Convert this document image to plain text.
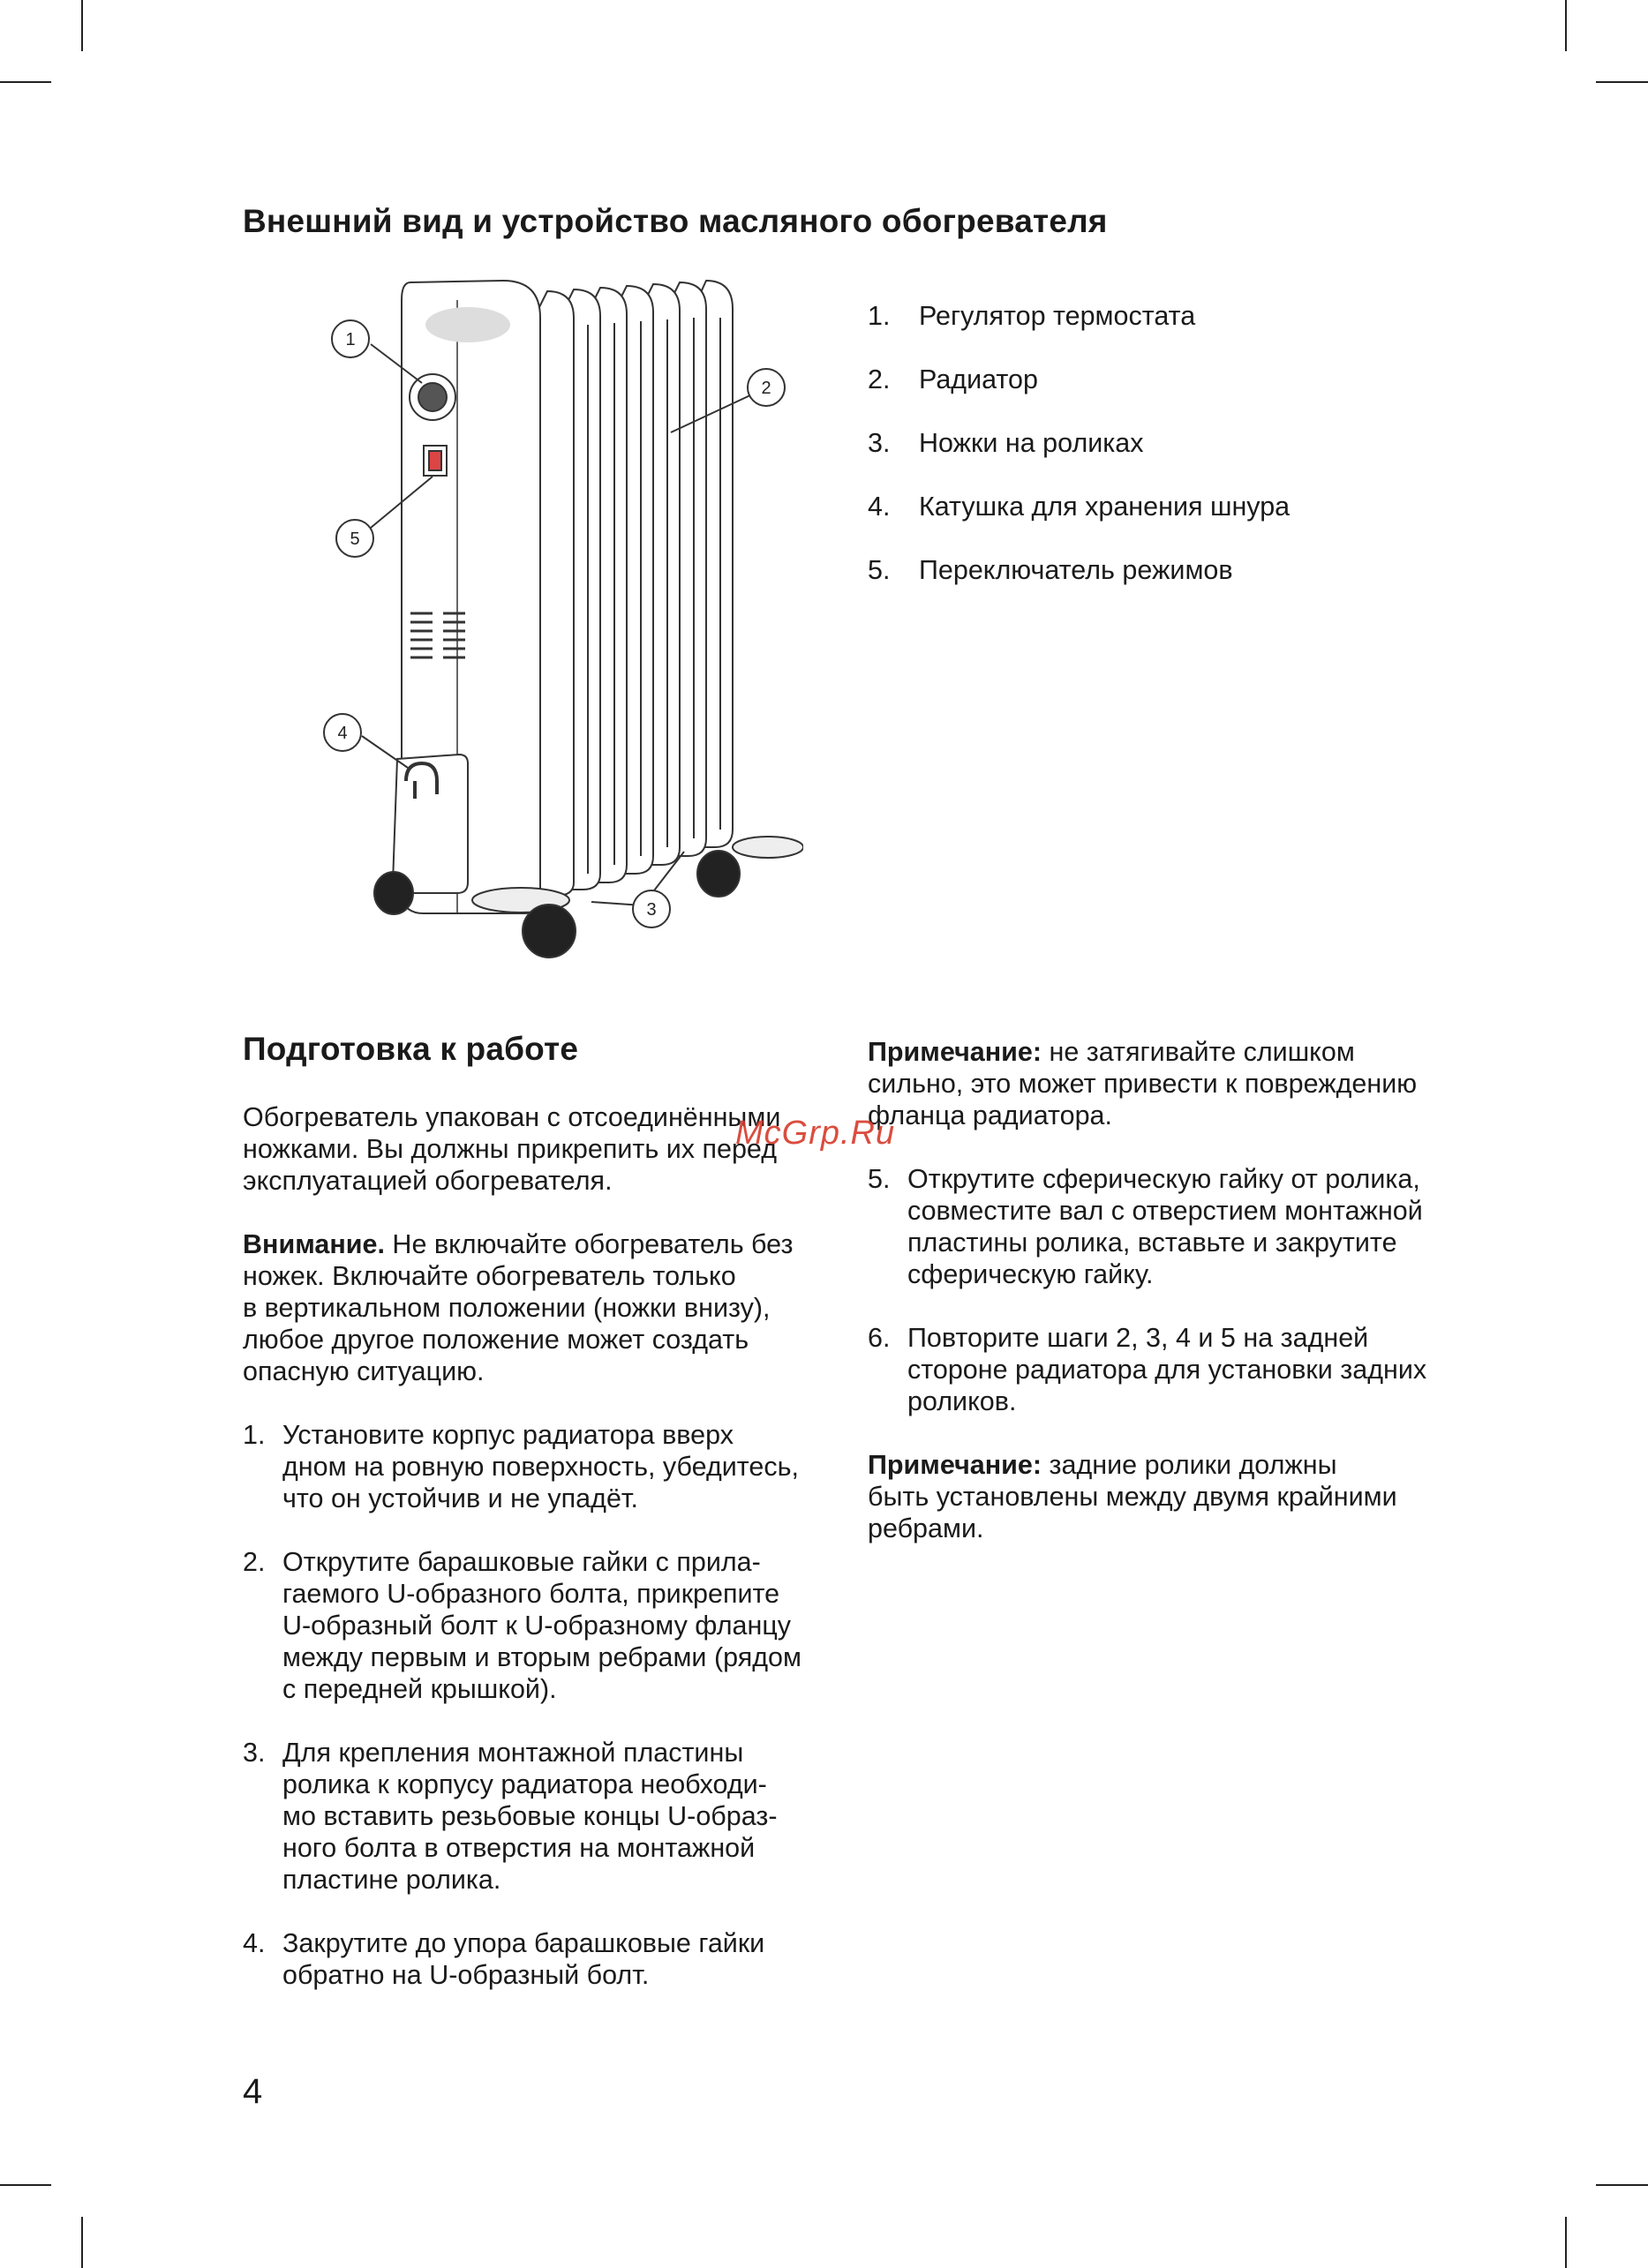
Внешний вид и устройство масляного обогревателя
1
2
5
4
3
1.	Регулятор термостата
2.	Радиатор
3.	Ножки на роликах
4.	Катушка для хранения шнура
5.	Переключатель режимов
Подготовка к работе
Обогреватель упакован с отсоединёнными
ножками. Вы должны прикрепить их перед
эксплуатацией обогревателя.
Внимание. Не включайте обогреватель без
ножек. Включайте обогреватель только
в вертикальном положении (ножки внизу),
любое другое положение может создать
опасную ситуацию.
1. Установите корпус радиатора вверх
дном на ровную поверхность, убедитесь,
что он устойчив и не упадёт.
2. Открутите барашковые гайки с прила-
гаемого U-образного болта, прикрепите
U-образный болт к U-образному фланцу
между первым и вторым ребрами (рядом
с передней крышкой).
3. Для крепления монтажной пластины
ролика к корпусу радиатора необходи-
мо вставить резьбовые концы U-образ-
ного болта в отверстия на монтажной
пластине ролика.
4. Закрутите до упора барашковые гайки
обратно на U-образный болт.
Примечание: не затягивайте слишком
сильно, это может привести к повреждению
фланца радиатора.
5. Открутите сферическую гайку от ролика,
совместите вал с отверстием монтажной
пластины ролика, вставьте и закрутите
сферическую гайку.
6. Повторите шаги 2, 3, 4 и 5 на задней
стороне радиатора для установки задних
роликов.
Примечание: задние ролики должны
быть установлены между двумя крайними
ребрами.
McGrp.Ru
4
